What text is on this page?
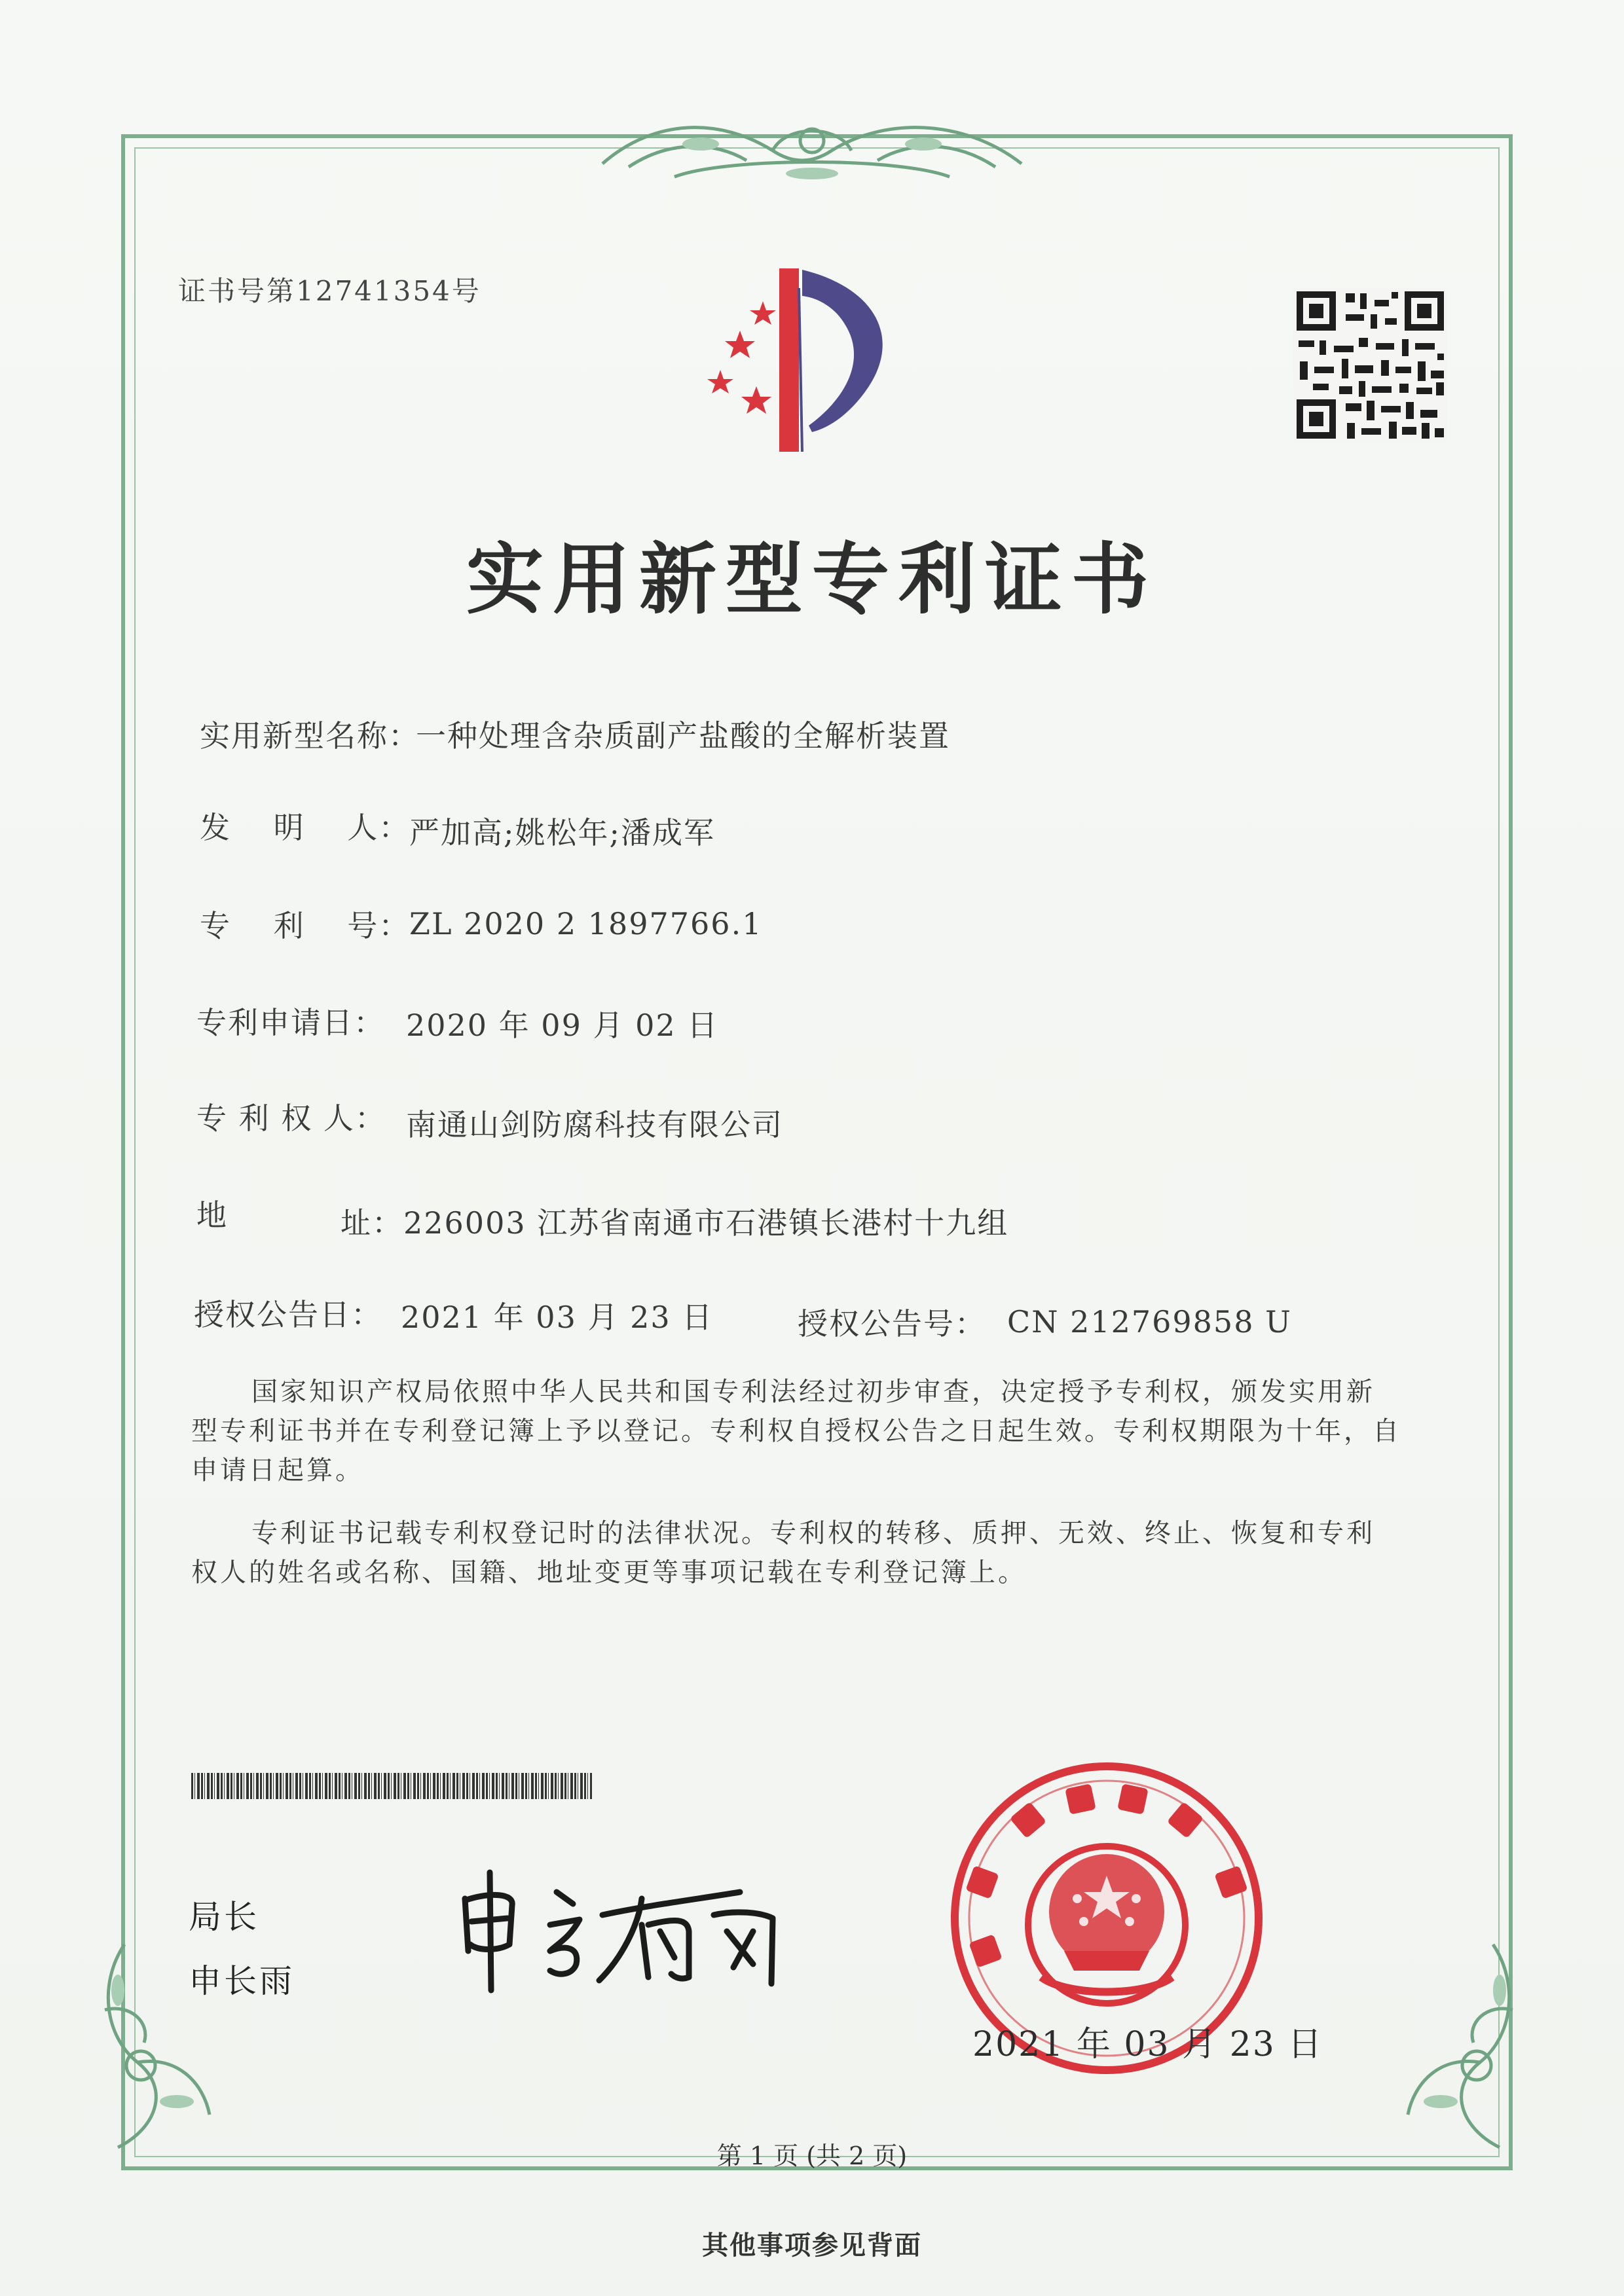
证书号第12741354号
实用新型专利证书
实用新型名称：
一种处理含杂质副产盐酸的全解析装置
发　 明　 人：
严加高;姚松年;潘成军
专　 利　 号：
ZL 2020 2 1897766.1
专利申请日： 2020 年 09 月 02 日
专 利 权 人： 南通山剑防腐科技有限公司
地	址：226003 江苏省南通市石港镇长港村十九组
授权公告日： 2021 年 03 月 23 日	授权公告号： CN 212769858 U
国家知识产权局依照中华人民共和国专利法经过初步审查，决定授予专利权，颁发实用新型专利证书并在专利登记簿上予以登记。专利权自授权公告之日起生效。专利权期限为十年，自申请日起算。
专利证书记载专利权登记时的法律状况。专利权的转移、质押、无效、终止、恢复和专利权人的姓名或名称、国籍、地址变更等事项记载在专利登记簿上。
局长
申长雨
2021 年 03 月 23 日
第 1 页 (共 2 页)
其他事项参见背面
